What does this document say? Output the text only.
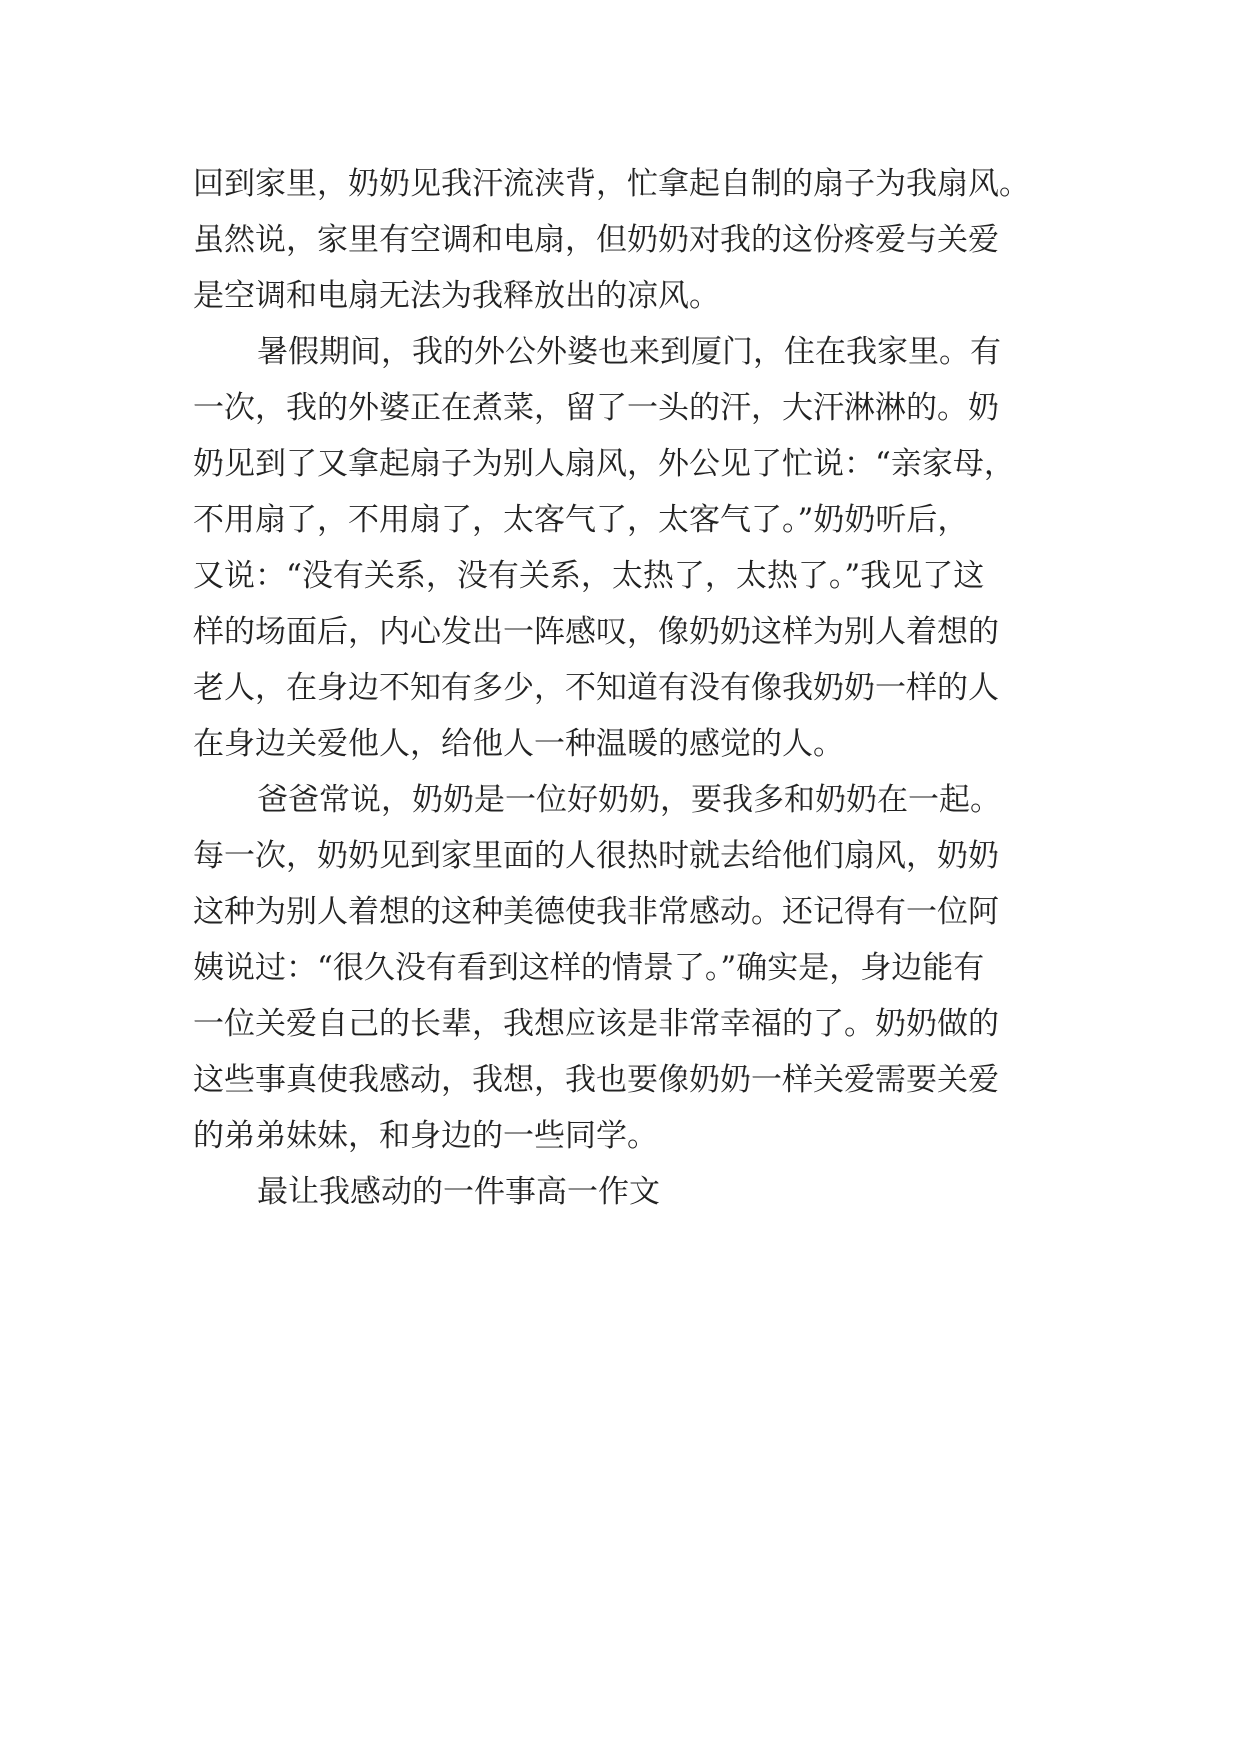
回到家里，奶奶见我汗流浃背，忙拿起自制的扇子为我扇风。
虽然说，家里有空调和电扇，但奶奶对我的这份疼爱与关爱
是空调和电扇无法为我释放出的凉风。
暑假期间，我的外公外婆也来到厦门，住在我家里。有
一次，我的外婆正在煮菜，留了一头的汗，大汗淋淋的。奶
奶见到了又拿起扇子为别人扇风，外公见了忙说：“亲家母，
不用扇了，不用扇了，太客气了，太客气了。”奶奶听后，
又说：“没有关系，没有关系，太热了，太热了。”我见了这
样的场面后，内心发出一阵感叹，像奶奶这样为别人着想的
老人，在身边不知有多少，不知道有没有像我奶奶一样的人
在身边关爱他人，给他人一种温暖的感觉的人。
爸爸常说，奶奶是一位好奶奶，要我多和奶奶在一起。
每一次，奶奶见到家里面的人很热时就去给他们扇风，奶奶
这种为别人着想的这种美德使我非常感动。还记得有一位阿
姨说过：“很久没有看到这样的情景了。”确实是，身边能有
一位关爱自己的长辈，我想应该是非常幸福的了。奶奶做的
这些事真使我感动，我想，我也要像奶奶一样关爱需要关爱
的弟弟妹妹，和身边的一些同学。
最让我感动的一件事高一作文
